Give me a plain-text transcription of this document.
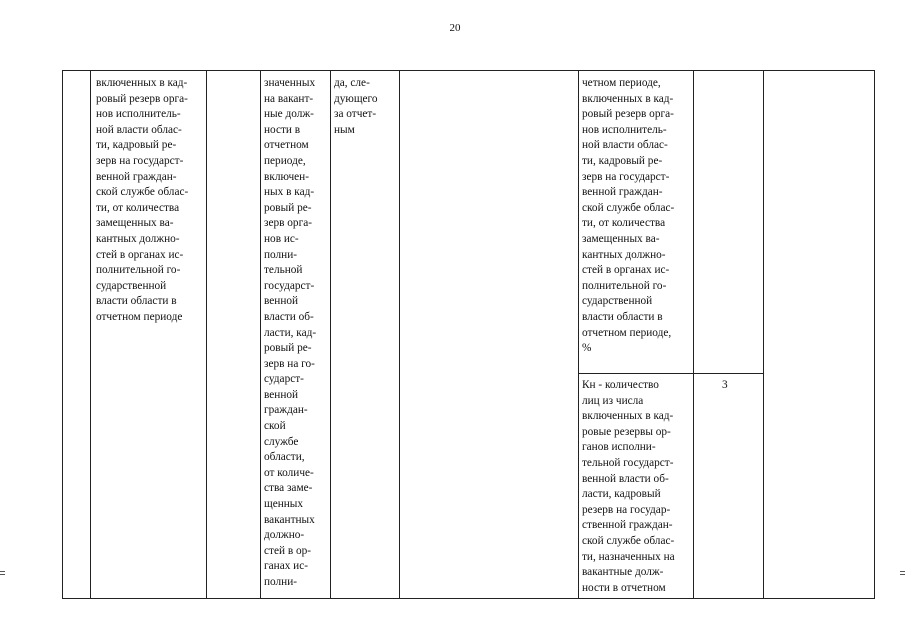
20

включенных в кад-
ровый резерв орга-
нов исполнитель-
ной власти облас-
ти, кадровый ре-
зерв на государст-
венной граждан-
ской службе облас-
ти, от количества
замещенных ва-
кантных должно-
стей в органах ис-
полнительной го-
сударственной
власти области в
отчетном периоде

значенных
на вакант-
ные долж-
ности в
отчетном
периоде,
включен-
ных в кад-
ровый ре-
зерв орга-
нов ис-
полни-
тельной
государст-
венной
власти об-
ласти, кад-
ровый ре-
зерв на го-
сударст-
венной
граждан-
ской
службе
области,
от количе-
ства замe-
щенных
вакантных
должно-
стей в ор-
ганах ис-
полни-

да, сле-
дующего
за отчет-
ным

четном периоде,
включенных в кад-
ровый резерв орга-
нов исполнитель-
ной власти облас-
ти, кадровый ре-
зерв на государст-
венной граждан-
ской службе облас-
ти, от количества
замещенных ва-
кантных должно-
стей в органах ис-
полнительной го-
сударственной
власти области в
отчетном периоде,
%

Кн - количество
лиц из числа
включенных в кад-
ровые резервы ор-
ганов исполни-
тельной государст-
венной власти об-
ласти, кадровый
резерв на государ-
ственной граждан-
ской службе облас-
ти, назначенных на
вакантные долж-
ности в отчетном

3
